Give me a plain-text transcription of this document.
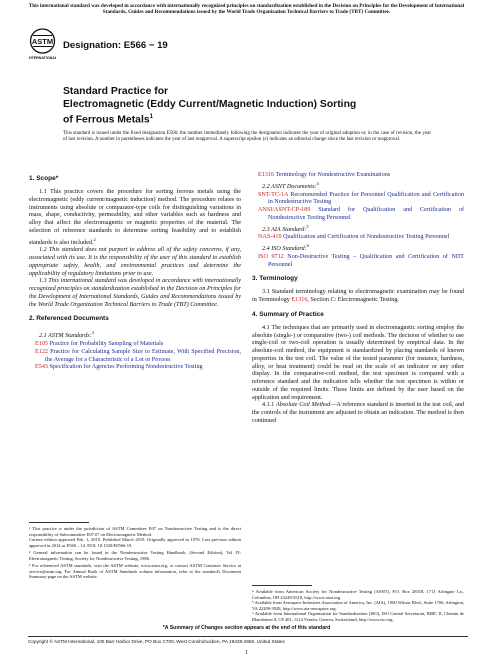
This international standard was developed in accordance with internationally recognized principles on standardization established in the Decision on Principles for the Development of International Standards, Guides and Recommendations issued by the World Trade Organization Technical Barriers to Trade (TBT) Committee.
ASTM
INTERNATIONAL
Designation: E566 − 19
Standard Practice for
Electromagnetic (Eddy Current/Magnetic Induction) Sorting
of Ferrous Metals$^1$
This standard is issued under the fixed designation E566; the number immediately following the designation indicates the year of original adoption or, in the case of revision, the year of last revision. A number in parentheses indicates the year of last reapproval. A superscript epsilon (ε) indicates an editorial change since the last revision or reapproval.

1. Scope*

1.1 This practice covers the procedure for sorting ferrous metals using the electromagnetic (eddy current/magnetic induction) method. The procedure relates to instruments using absolute or comparator-type coils for distinguishing variations in mass, shape, conductivity, permeability, and other variables such as hardness and alloy that affect the electromagnetic or magnetic properties of the material. The selection of reference standards to determine sorting feasibility and to establish standards is also included.$^2$

1.2 This standard does not purport to address all of the safety concerns, if any, associated with its use. It is the responsibility of the user of this standard to establish appropriate safety, health, and environmental practices and determine the applicability of regulatory limitations prior to use.

1.3 This international standard was developed in accordance with internationally recognized principles on standardization established in the Decision on Principles for the Development of International Standards, Guides and Recommendations issued by the World Trade Organization Technical Barriers to Trade (TBT) Committee.

2. Referenced Documents

2.1 ASTM Standards:$^3$

E105 Practice for Probability Sampling of Materials

E122 Practice for Calculating Sample Size to Estimate, With Specified Precision, the Average for a Characteristic of a Lot or Process

E543 Specification for Agencies Performing Nondestructive Testing

¹ This practice is under the jurisdiction of ASTM Committee E07 on Nondestructive Testing and is the direct responsibility of Subcommittee E07.07 on Electromagnetic Method.

Current edition approved Feb. 1, 2019. Published March 2019. Originally approved in 1976. Last previous edition approved in 2014 as E566 – 14. DOI: 10.1520/E0566-19.

² General information can be found in the Nondestructive Testing Handbook, (Second Edition), Vol IV: Electromagnetic Testing, Society for Nondestructive Testing, 1986.

³ For referenced ASTM standards, visit the ASTM website, www.astm.org, or contact ASTM Customer Service at service@astm.org. For Annual Book of ASTM Standards volume information, refer to the standard's Document Summary page on the ASTM website.

E1316 Terminology for Nondestructive Examinations

2.2 ASNT Documents:$^4$

SNT-TC-1A Recommended Practice for Personnel Qualification and Certification in Nondestructive Testing

ANSI/ASNT-CP-189 Standard for Qualification and Certification of Nondestructive Testing Personnel

2.3 AIA Standard:$^5$

NAS-410 Qualification and Certification of Nondestructive Testing Personnel

2.4 ISO Standard:$^6$

ISO 9712 Non-Destructive Testing – Qualification and Certification of NDT Personnel

3. Terminology

3.1 Standard terminology relating to electromagnetic examination may be found in Terminology E1316, Section C: Electromagnetic Testing.

4. Summary of Practice

4.1 The techniques that are primarily used in electromagnetic sorting employ the absolute (single-) or comparative (two-) coil methods. The decision of whether to use single-coil or two-coil operation is usually determined by empirical data. In the absolute-coil method, the equipment is standardized by placing standards of known properties in the test coil. The value of the tested parameter (for instance, hardness, alloy, or heat treatment) could be read on the scale of an indicator or any other display. In the comparative-coil method, the test specimen is compared with a reference standard and the indication tells whether the test specimen is within or outside of the required limits. These limits are defined by the user based on the application and requirement.

4.1.1 Absolute Coil Method—A reference standard is inserted in the test coil, and the controls of the instrument are adjusted to obtain an indication. The method is then continued

⁴ Available from American Society for Nondestructive Testing (ASNT), P.O. Box 28518, 1711 Arlingate Ln., Columbus, OH 43228-0518, http://www.asnt.org.

⁵ Available from Aerospace Industries Association of America, Inc. (AIA), 1000 Wilson Blvd., Suite 1700, Arlington, VA 22209-3928, http://www.aia-aerospace.org.

⁶ Available from International Organization for Standardization (ISO), ISO Central Secretariat, BIBC II, Chemin de Blandonnet 8, CP 401, 1214 Vernier, Geneva, Switzerland, http://www.iso.org.

*A Summary of Changes section appears at the end of this standard
Copyright © ASTM International, 100 Barr Harbor Drive, PO Box C700, West Conshohocken, PA 19428-2959. United States
1
